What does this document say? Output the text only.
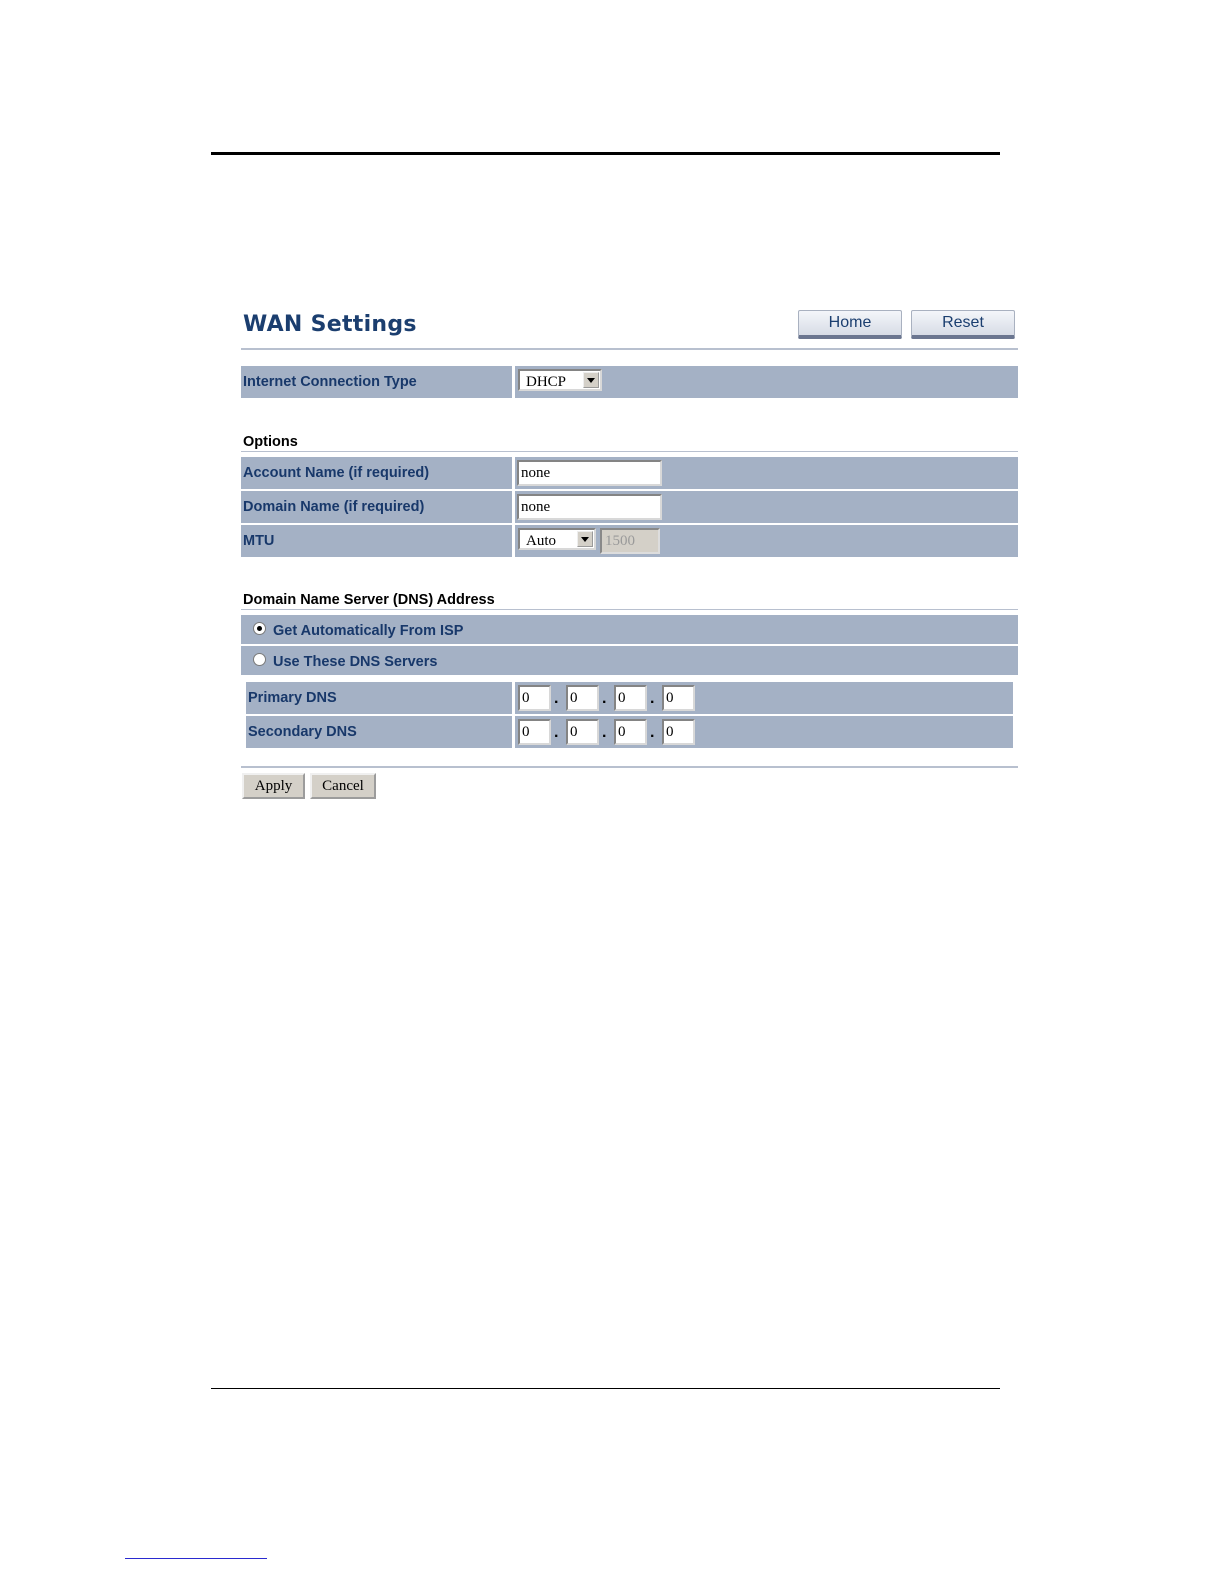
WAN Settings	Home	Reset
Internet Connection Type	DHCP
Options
Account Name (if required)	none
Domain Name (if required)	none
MTU	Auto	1500
Domain Name Server (DNS) Address
Get Automatically From ISP
Use These DNS Servers
Primary DNS	0	. 0	. 0	. 0
Secondary DNS	0	. 0	. 0	. 0
Apply	Cancel
